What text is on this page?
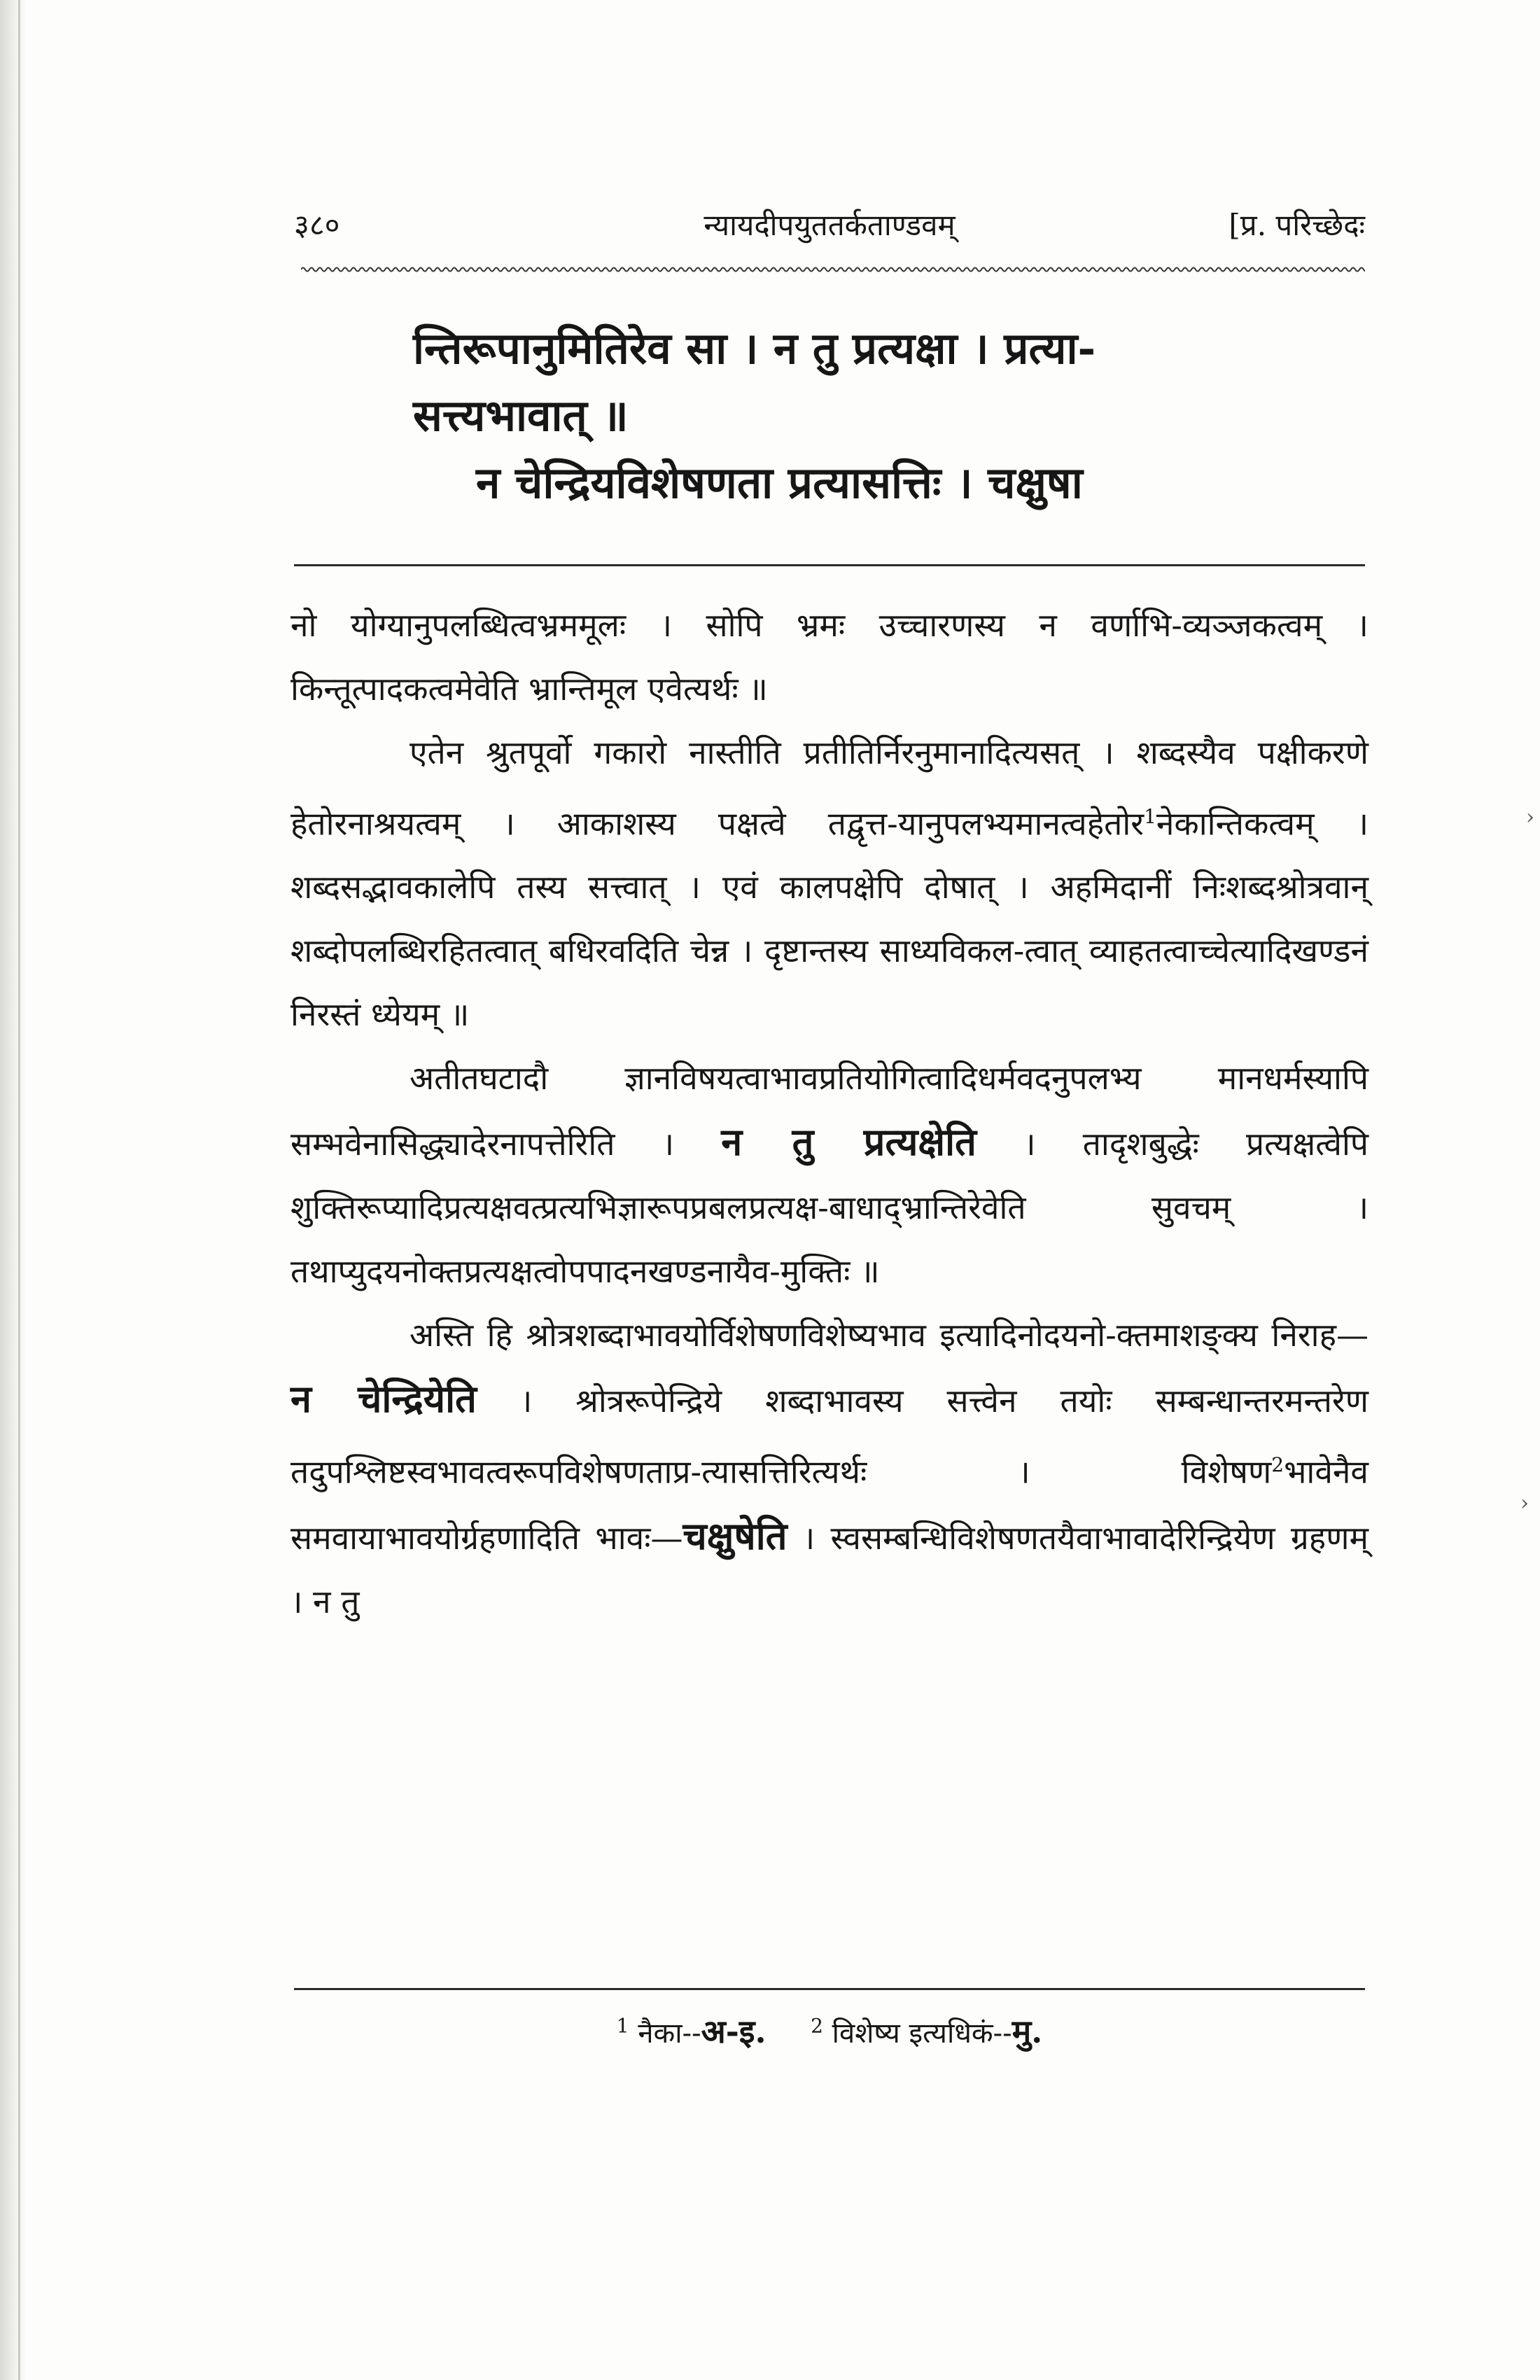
३८०	न्यायदीपयुततर्कताण्डवम्	[प्र. परिच्छेदः
न्तिरूपानुमितिरेव सा । न तु प्रत्यक्षा । प्रत्या-
सत्त्यभावात् ॥
न चेन्द्रियविशेषणता प्रत्यासत्तिः । चक्षुषा

नो योग्यानुपलब्धित्वभ्रममूलः । सोपि भ्रमः उच्चारणस्य न वर्णाभि-व्यञ्जकत्वम् । किन्तूत्पादकत्वमेवेति भ्रान्तिमूल एवेत्यर्थः ॥

एतेन श्रुतपूर्वो गकारो नास्तीति प्रतीतिर्निरनुमानादित्यसत् । शब्दस्यैव पक्षीकरणे हेतोरनाश्रयत्वम् । आकाशस्य पक्षत्वे तद्वृत्त-यानुपलभ्यमानत्वहेतोर$^1$नेकान्तिकत्वम् । शब्दसद्भावकालेपि तस्य सत्त्वात् । एवं कालपक्षेपि दोषात् । अहमिदानीं निःशब्दश्रोत्रवान् शब्दोपलब्धिरहितत्वात् बधिरवदिति चेन्न । दृष्टान्तस्य साध्यविकल-त्वात् व्याहतत्वाच्चेत्यादिखण्डनं निरस्तं ध्येयम् ॥

अतीतघटादौ ज्ञानविषयत्वाभावप्रतियोगित्वादिधर्मवदनुपलभ्य मानधर्मस्यापि सम्भवेनासिद्ध्यादेरनापत्तेरिति । न तु प्रत्यक्षेति । तादृशबुद्धेः प्रत्यक्षत्वेपि शुक्तिरूप्यादिप्रत्यक्षवत्प्रत्यभिज्ञारूपप्रबलप्रत्यक्ष-बाधाद्भ्रान्तिरेवेति सुवचम् । तथाप्युदयनोक्तप्रत्यक्षत्वोपपादनखण्डनायैव-मुक्तिः ॥

अस्ति हि श्रोत्रशब्दाभावयोर्विशेषणविशेष्यभाव इत्यादिनोदयनो-क्तमाशङ्क्य निराह—न चेन्द्रियेति । श्रोत्ररूपेन्द्रिये शब्दाभावस्य सत्त्वेन तयोः सम्बन्धान्तरमन्तरेण तदुपश्लिष्टस्वभावत्वरूपविशेषणताप्र-त्यासत्तिरित्यर्थः । विशेषण$^2$भावेनैव समवायाभावयोर्ग्रहणादिति भावः—चक्षुषेति । स्वसम्बन्धिविशेषणतयैवाभावादेरिन्द्रियेण ग्रहणम् । न तु

$^1$ नैका--अ-इ. $^2$ विशेष्य इत्यधिकं--मु.
›
›
